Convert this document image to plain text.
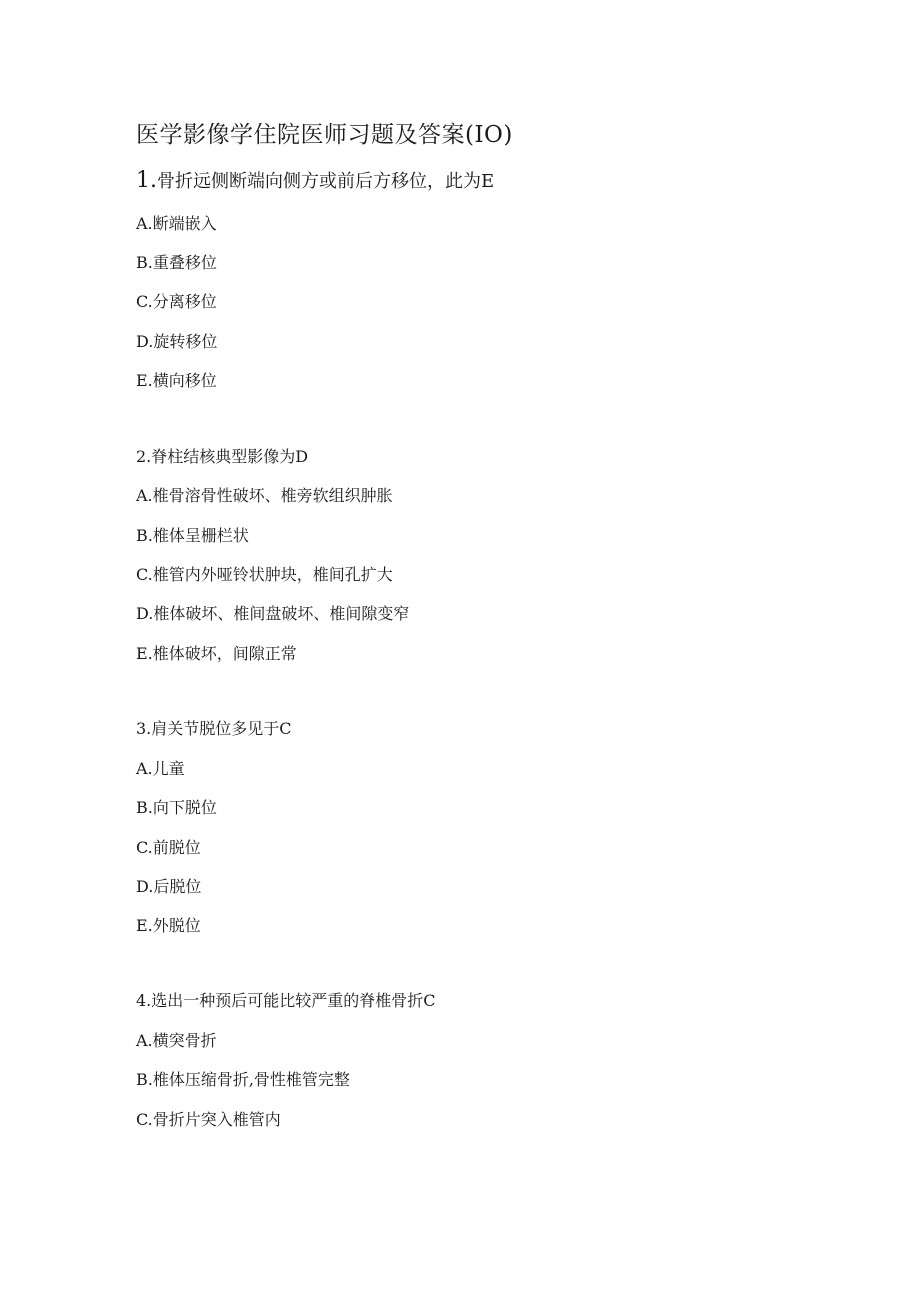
医学影像学住院医师习题及答案(IO)
1.骨折远侧断端向侧方或前后方移位，此为E
A.断端嵌入
B.重叠移位
C.分离移位
D.旋转移位
E.横向移位
2.脊柱结核典型影像为D
A.椎骨溶骨性破坏、椎旁软组织肿胀
B.椎体呈栅栏状
C.椎管内外哑铃状肿块，椎间孔扩大
D.椎体破坏、椎间盘破坏、椎间隙变窄
E.椎体破坏，间隙正常
3.肩关节脱位多见于C
A.儿童
B.向下脱位
C.前脱位
D.后脱位
E.外脱位
4.选出一种预后可能比较严重的脊椎骨折C
A.横突骨折
B.椎体压缩骨折,骨性椎管完整
C.骨折片突入椎管内
